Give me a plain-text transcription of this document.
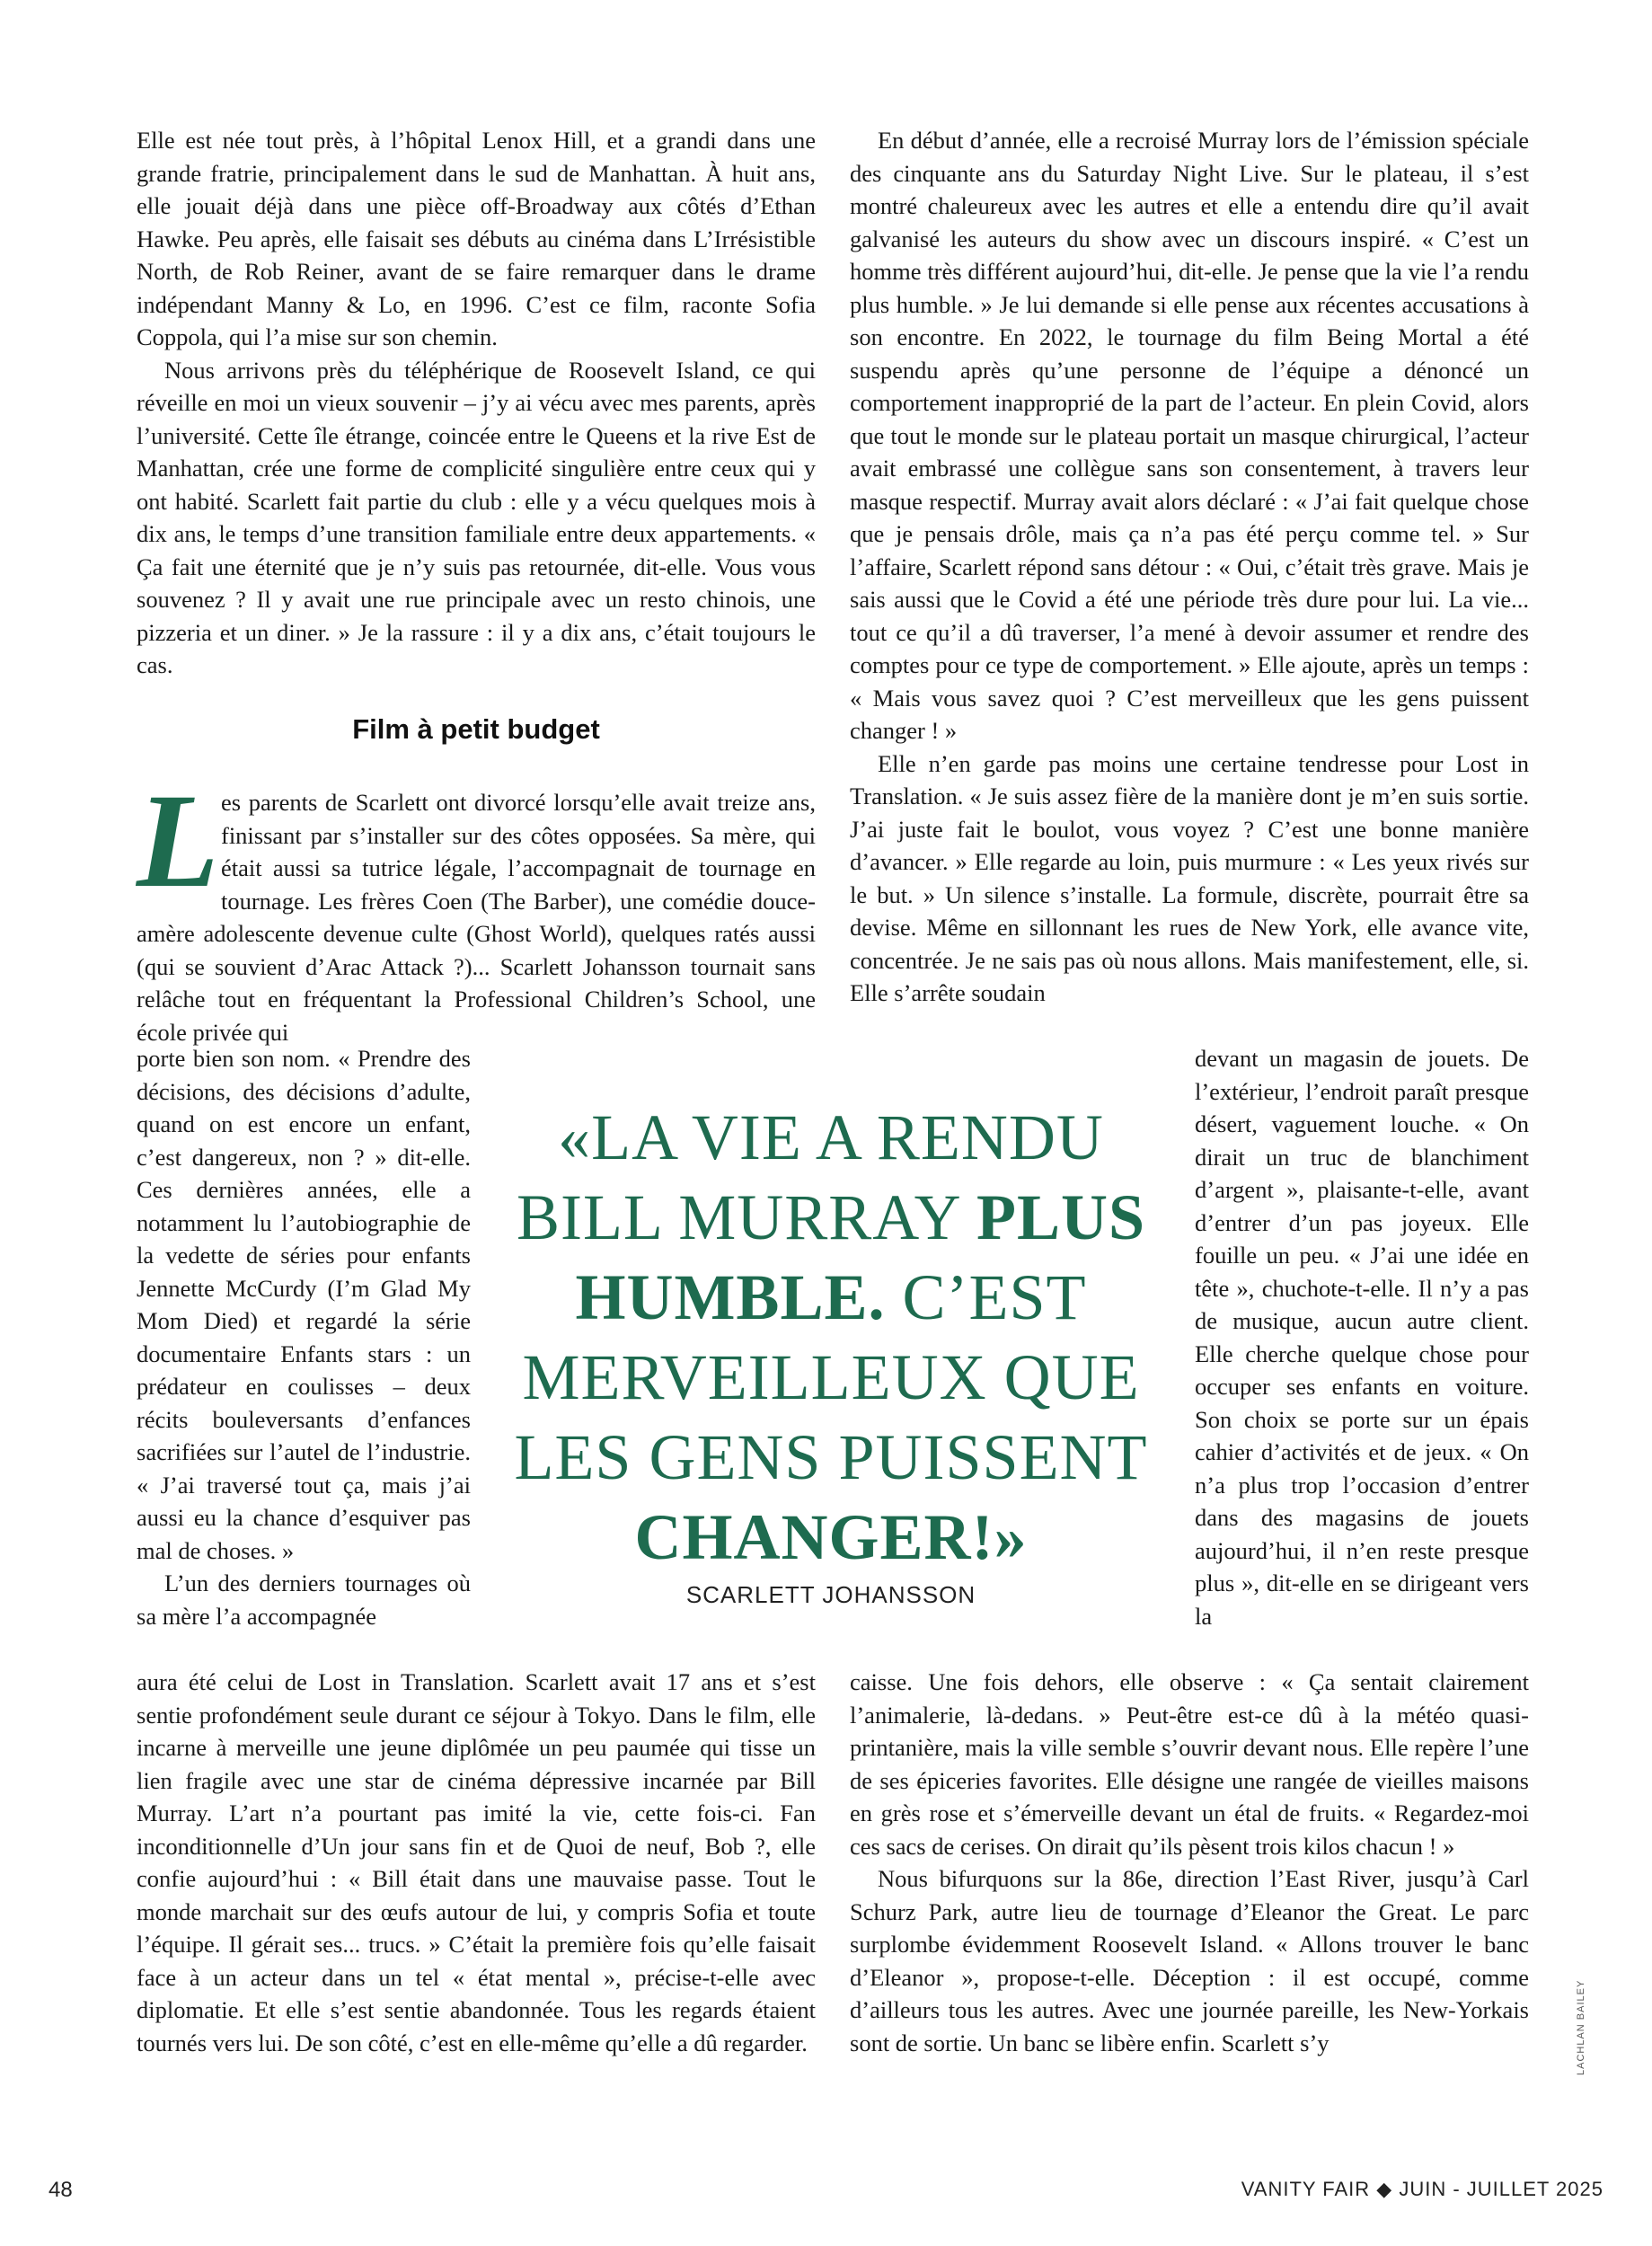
Elle est née tout près, à l’hôpital Lenox Hill, et a grandi dans une grande fratrie, principalement dans le sud de Manhattan. À huit ans, elle jouait déjà dans une pièce off-Broadway aux côtés d’Ethan Hawke. Peu après, elle faisait ses débuts au cinéma dans L’Irrésistible North, de Rob Reiner, avant de se faire remarquer dans le drame indépendant Manny & Lo, en 1996. C’est ce film, raconte Sofia Coppola, qui l’a mise sur son chemin.

Nous arrivons près du téléphérique de Roosevelt Island, ce qui réveille en moi un vieux souvenir – j’y ai vécu avec mes parents, après l’université. Cette île étrange, coincée entre le Queens et la rive Est de Manhattan, crée une forme de complicité singulière entre ceux qui y ont habité. Scarlett fait partie du club : elle y a vécu quelques mois à dix ans, le temps d’une transition familiale entre deux appartements. « Ça fait une éternité que je n’y suis pas retournée, dit-elle. Vous vous souvenez ? Il y avait une rue principale avec un resto chinois, une pizzeria et un diner. » Je la rassure : il y a dix ans, c’était toujours le cas.

Film à petit budget
L es parents de Scarlett ont divorcé lorsqu’elle avait treize ans, finissant par s’installer sur des côtes opposées. Sa mère, qui était aussi sa tutrice légale, l’accompagnait de tournage en tournage. Les frères Coen (The Barber), une comédie douce-amère adolescente devenue culte (Ghost World), quelques ratés aussi (qui se souvient d’Arac Attack ?)... Scarlett Johansson tournait sans relâche tout en fréquentant la Professional Children’s School, une école privée qui

porte bien son nom. « Prendre des décisions, des décisions d’adulte, quand on est encore un enfant, c’est dangereux, non ? » dit-elle. Ces dernières années, elle a notamment lu l’autobiographie de la vedette de séries pour enfants Jennette McCurdy (I’m Glad My Mom Died) et regardé la série documentaire Enfants stars : un prédateur en coulisses – deux récits bouleversants d’enfances sacrifiées sur l’autel de l’industrie. « J’ai traversé tout ça, mais j’ai aussi eu la chance d’esquiver pas mal de choses. »

L’un des derniers tournages où sa mère l’a accompagnée

aura été celui de Lost in Translation. Scarlett avait 17 ans et s’est sentie profondément seule durant ce séjour à Tokyo. Dans le film, elle incarne à merveille une jeune diplômée un peu paumée qui tisse un lien fragile avec une star de cinéma dépressive incarnée par Bill Murray. L’art n’a pourtant pas imité la vie, cette fois-ci. Fan inconditionnelle d’Un jour sans fin et de Quoi de neuf, Bob ?, elle confie aujourd’hui : « Bill était dans une mauvaise passe. Tout le monde marchait sur des œufs autour de lui, y compris Sofia et toute l’équipe. Il gérait ses... trucs. » C’était la première fois qu’elle faisait face à un acteur dans un tel « état mental », précise-t-elle avec diplomatie. Et elle s’est sentie abandonnée. Tous les regards étaient tournés vers lui. De son côté, c’est en elle-même qu’elle a dû regarder.

En début d’année, elle a recroisé Murray lors de l’émission spéciale des cinquante ans du Saturday Night Live. Sur le plateau, il s’est montré chaleureux avec les autres et elle a entendu dire qu’il avait galvanisé les auteurs du show avec un discours inspiré. « C’est un homme très différent aujourd’hui, dit-elle. Je pense que la vie l’a rendu plus humble. » Je lui demande si elle pense aux récentes accusations à son encontre. En 2022, le tournage du film Being Mortal a été suspendu après qu’une personne de l’équipe a dénoncé un comportement inapproprié de la part de l’acteur. En plein Covid, alors que tout le monde sur le plateau portait un masque chirurgical, l’acteur avait embrassé une collègue sans son consentement, à travers leur masque respectif. Murray avait alors déclaré : « J’ai fait quelque chose que je pensais drôle, mais ça n’a pas été perçu comme tel. » Sur l’affaire, Scarlett répond sans détour : « Oui, c’était très grave. Mais je sais aussi que le Covid a été une période très dure pour lui. La vie... tout ce qu’il a dû traverser, l’a mené à devoir assumer et rendre des comptes pour ce type de comportement. » Elle ajoute, après un temps : « Mais vous savez quoi ? C’est merveilleux que les gens puissent changer ! »

Elle n’en garde pas moins une certaine tendresse pour Lost in Translation. « Je suis assez fière de la manière dont je m’en suis sortie. J’ai juste fait le boulot, vous voyez ? C’est une bonne manière d’avancer. » Elle regarde au loin, puis murmure : « Les yeux rivés sur le but. » Un silence s’installe. La formule, discrète, pourrait être sa devise. Même en sillonnant les rues de New York, elle avance vite, concentrée. Je ne sais pas où nous allons. Mais manifestement, elle, si. Elle s’arrête soudain

devant un magasin de jouets. De l’extérieur, l’endroit paraît presque désert, vaguement louche. « On dirait un truc de blanchiment d’argent », plaisante-t-elle, avant d’entrer d’un pas joyeux. Elle fouille un peu. « J’ai une idée en tête », chuchote-t-elle. Il n’y a pas de musique, aucun autre client. Elle cherche quelque chose pour occuper ses enfants en voiture. Son choix se porte sur un épais cahier d’activités et de jeux. « On n’a plus trop l’occasion d’entrer dans des magasins de jouets aujourd’hui, il n’en reste presque plus », dit-elle en se dirigeant vers la

caisse. Une fois dehors, elle observe : « Ça sentait clairement l’animalerie, là-dedans. » Peut-être est-ce dû à la météo quasi-printanière, mais la ville semble s’ouvrir devant nous. Elle repère l’une de ses épiceries favorites. Elle désigne une rangée de vieilles maisons en grès rose et s’émerveille devant un étal de fruits. « Regardez-moi ces sacs de cerises. On dirait qu’ils pèsent trois kilos chacun ! »

Nous bifurquons sur la 86e, direction l’East River, jusqu’à Carl Schurz Park, autre lieu de tournage d’Eleanor the Great. Le parc surplombe évidemment Roosevelt Island. « Allons trouver le banc d’Eleanor », propose-t-elle. Déception : il est occupé, comme d’ailleurs tous les autres. Avec une journée pareille, les New-Yorkais sont de sortie. Un banc se libère enfin. Scarlett s’y

«LA VIE A RENDU BILL MURRAY PLUS HUMBLE. C’EST MERVEILLEUX QUE LES GENS PUISSENT CHANGER!»
SCARLETT JOHANSSON
LACHLAN BAILEY
48	VANITY FAIR ◆ JUIN - JUILLET 2025
